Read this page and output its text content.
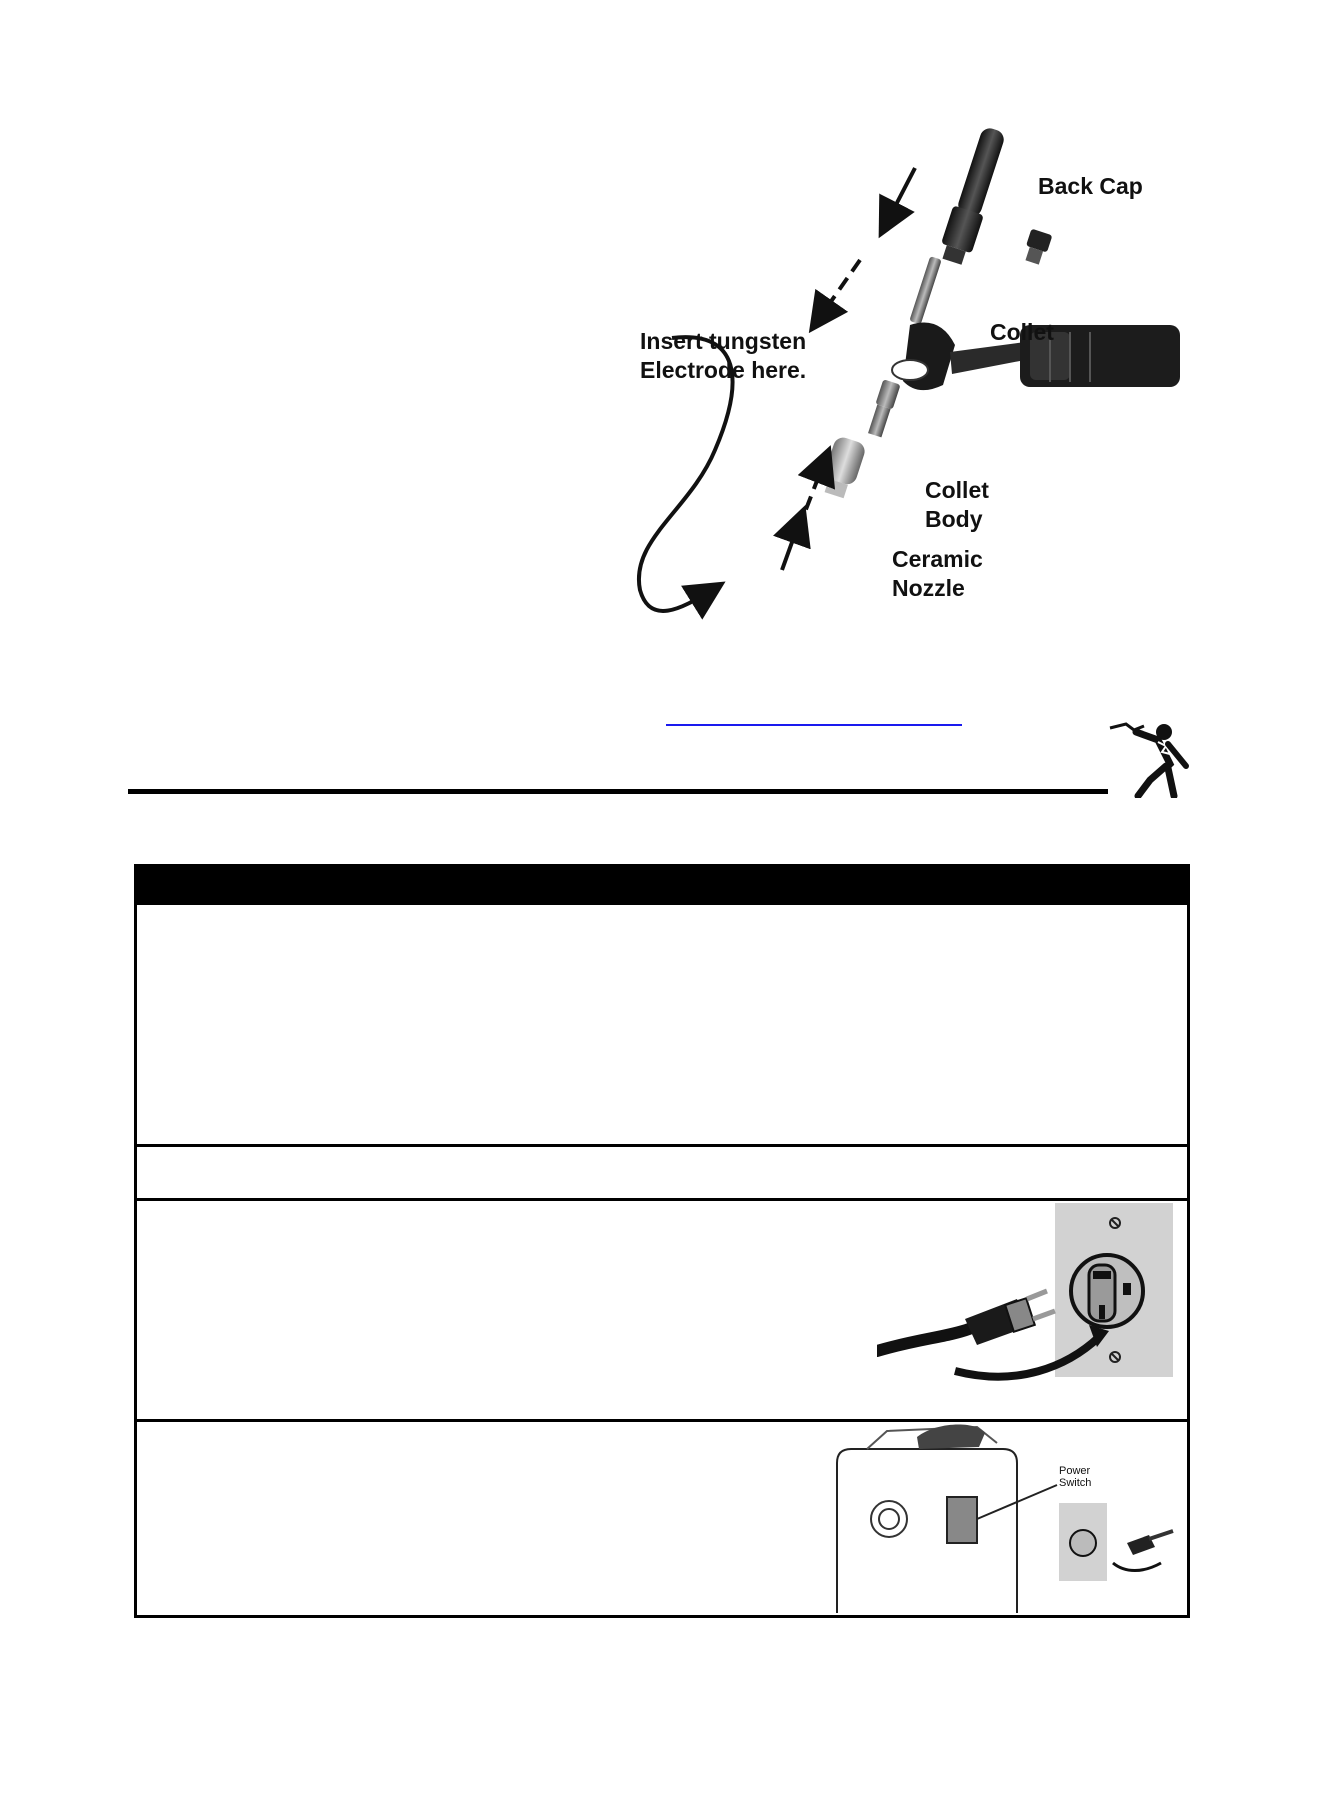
Back Cap
Collet
Insert tungsten
Electrode here.
Collet
Body
Ceramic
Nozzle
Power
Switch
